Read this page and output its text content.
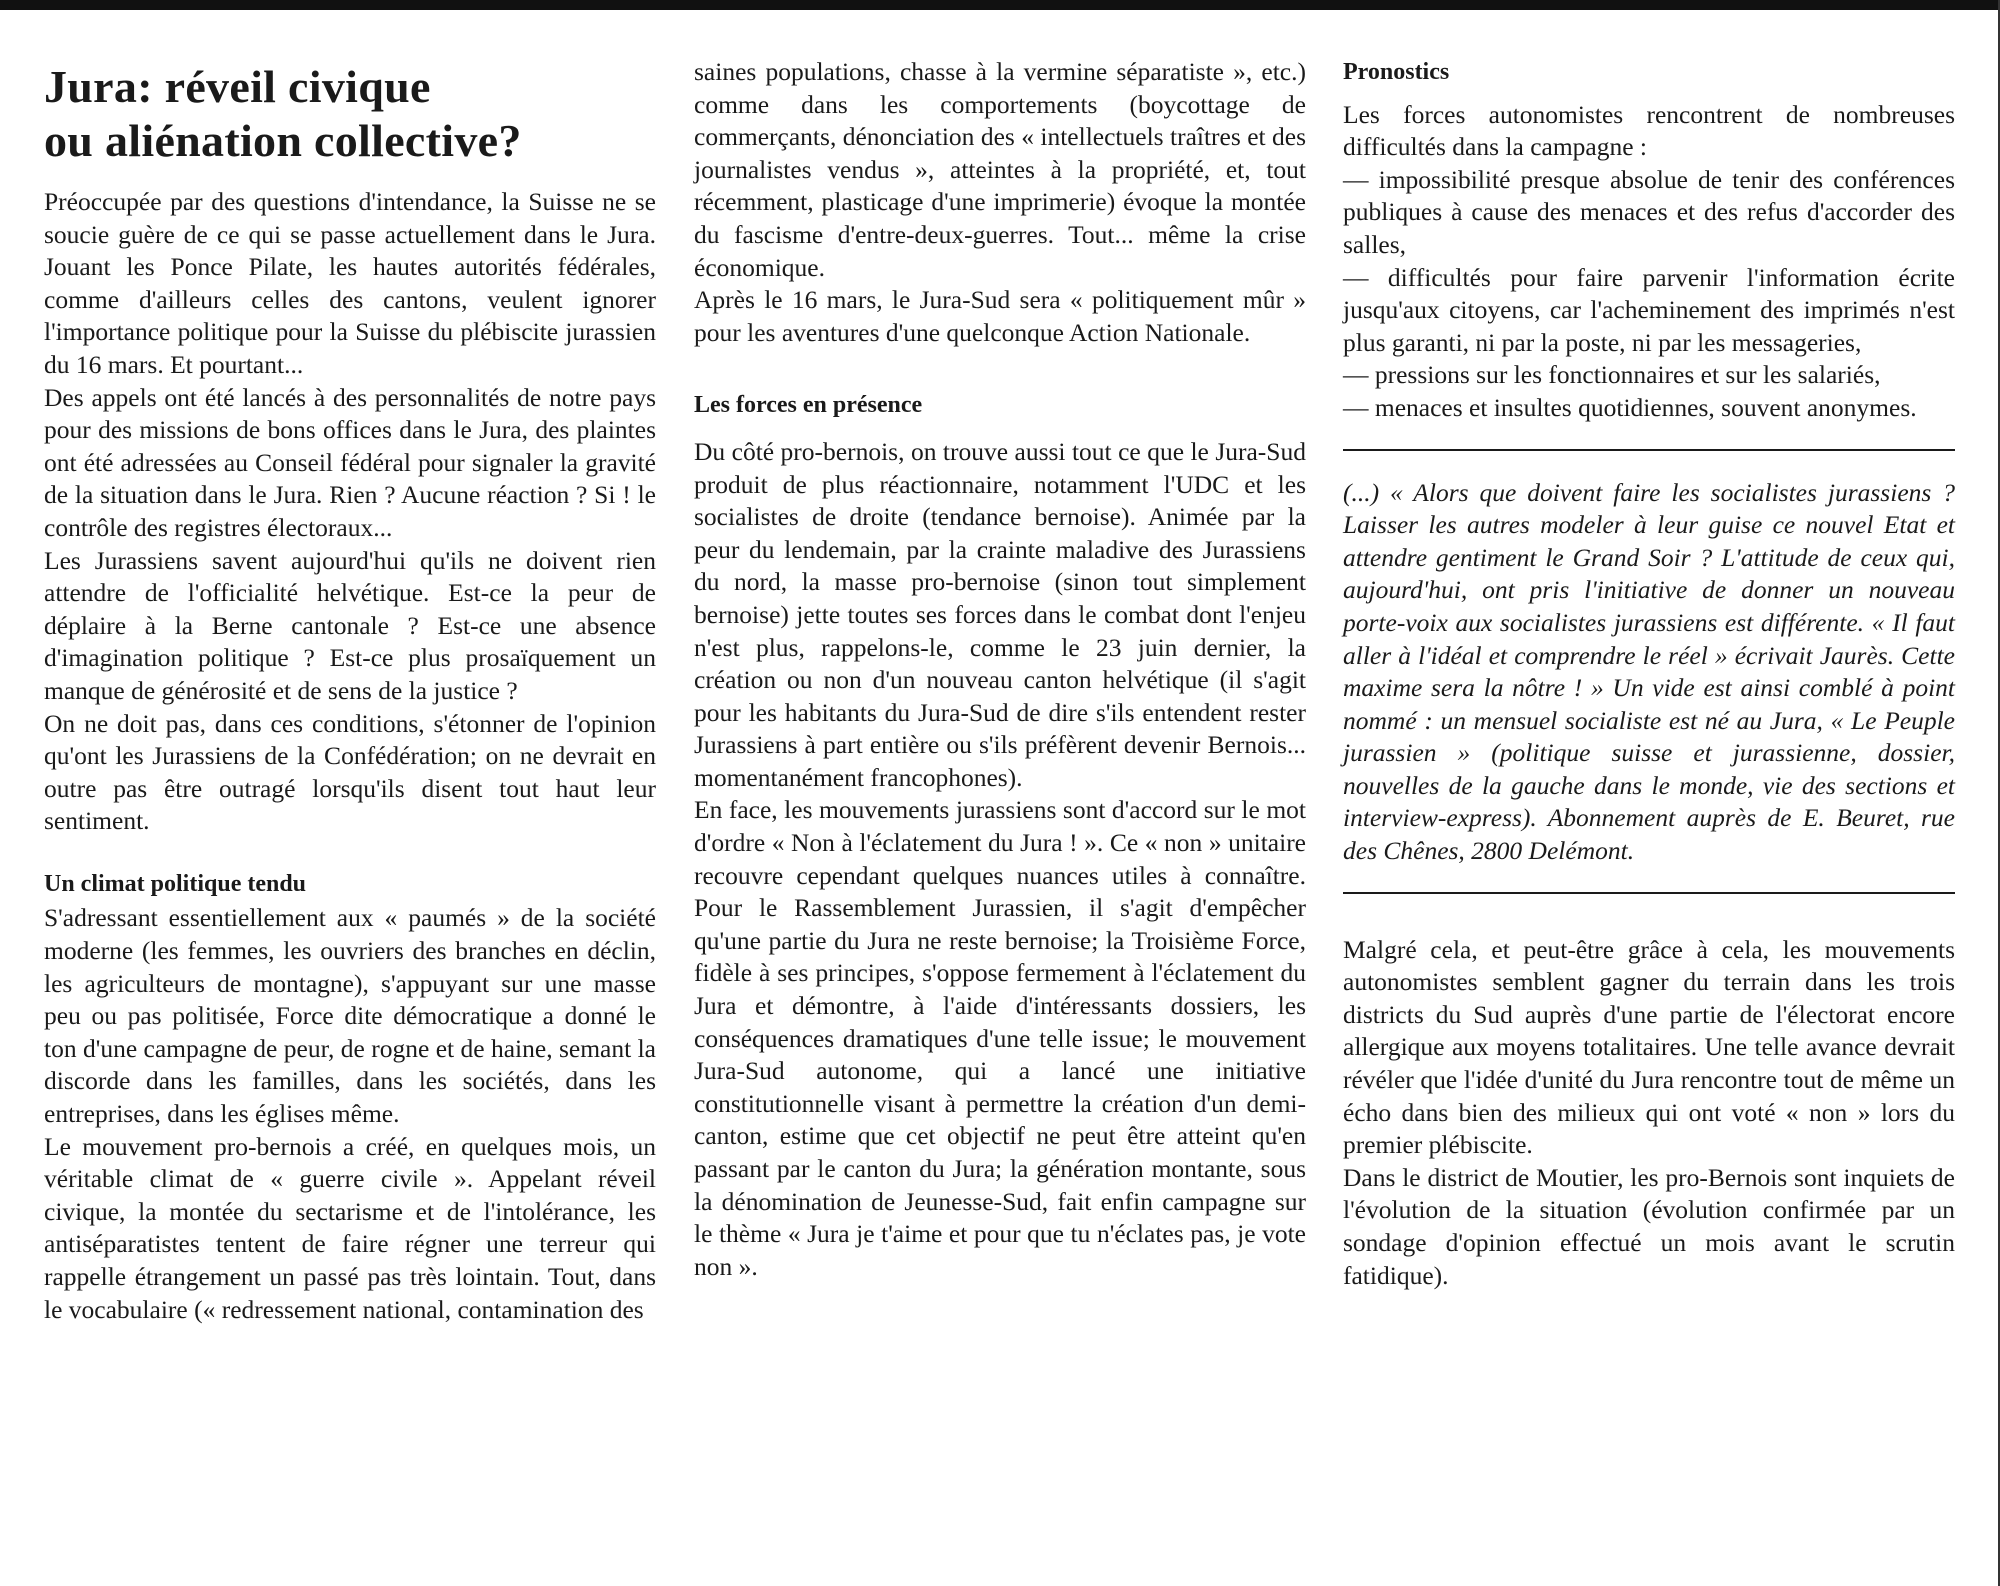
Jura: réveil civique
ou aliénation collective?

Préoccupée par des questions d'intendance, la Suisse ne se soucie guère de ce qui se passe actuellement dans le Jura. Jouant les Ponce Pilate, les hautes autorités fédérales, comme d'ailleurs celles des cantons, veulent ignorer l'importance politique pour la Suisse du plébiscite jurassien du 16 mars. Et pourtant...

Des appels ont été lancés à des personnalités de notre pays pour des missions de bons offices dans le Jura, des plaintes ont été adressées au Conseil fédéral pour signaler la gravité de la situation dans le Jura. Rien ? Aucune réaction ? Si ! le contrôle des registres électoraux...

Les Jurassiens savent aujourd'hui qu'ils ne doivent rien attendre de l'officialité helvétique. Est-ce la peur de déplaire à la Berne cantonale ? Est-ce une absence d'imagination politique ? Est-ce plus prosaïquement un manque de générosité et de sens de la justice ?

On ne doit pas, dans ces conditions, s'étonner de l'opinion qu'ont les Jurassiens de la Confédération; on ne devrait en outre pas être outragé lorsqu'ils disent tout haut leur sentiment.

Un climat politique tendu

S'adressant essentiellement aux « paumés » de la société moderne (les femmes, les ouvriers des branches en déclin, les agriculteurs de montagne), s'appuyant sur une masse peu ou pas politisée, Force dite démocratique a donné le ton d'une campagne de peur, de rogne et de haine, semant la discorde dans les familles, dans les sociétés, dans les entreprises, dans les églises même.

Le mouvement pro-bernois a créé, en quelques mois, un véritable climat de « guerre civile ». Appelant réveil civique, la montée du sectarisme et de l'intolérance, les antiséparatistes tentent de faire régner une terreur qui rappelle étrangement un passé pas très lointain. Tout, dans le vocabulaire (« redressement national, contamination des

saines populations, chasse à la vermine séparatiste », etc.) comme dans les comportements (boycottage de commerçants, dénonciation des « intellectuels traîtres et des journalistes vendus », atteintes à la propriété, et, tout récemment, plasticage d'une imprimerie) évoque la montée du fascisme d'entre-deux-guerres. Tout... même la crise économique.

Après le 16 mars, le Jura-Sud sera « politiquement mûr » pour les aventures d'une quelconque Action Nationale.

Les forces en présence

Du côté pro-bernois, on trouve aussi tout ce que le Jura-Sud produit de plus réactionnaire, notamment l'UDC et les socialistes de droite (tendance bernoise). Animée par la peur du lendemain, par la crainte maladive des Jurassiens du nord, la masse pro-bernoise (sinon tout simplement bernoise) jette toutes ses forces dans le combat dont l'enjeu n'est plus, rappelons-le, comme le 23 juin dernier, la création ou non d'un nouveau canton helvétique (il s'agit pour les habitants du Jura-Sud de dire s'ils entendent rester Jurassiens à part entière ou s'ils préfèrent devenir Bernois... momentanément francophones).

En face, les mouvements jurassiens sont d'accord sur le mot d'ordre « Non à l'éclatement du Jura ! ». Ce « non » unitaire recouvre cependant quelques nuances utiles à connaître. Pour le Rassemblement Jurassien, il s'agit d'empêcher qu'une partie du Jura ne reste bernoise; la Troisième Force, fidèle à ses principes, s'oppose fermement à l'éclatement du Jura et démontre, à l'aide d'intéressants dossiers, les conséquences dramatiques d'une telle issue; le mouvement Jura-Sud autonome, qui a lancé une initiative constitutionnelle visant à permettre la création d'un demi-canton, estime que cet objectif ne peut être atteint qu'en passant par le canton du Jura; la génération montante, sous la dénomination de Jeunesse-Sud, fait enfin campagne sur le thème « Jura je t'aime et pour que tu n'éclates pas, je vote non ».

Pronostics

Les forces autonomistes rencontrent de nombreuses difficultés dans la campagne :

— impossibilité presque absolue de tenir des conférences publiques à cause des menaces et des refus d'accorder des salles,

— difficultés pour faire parvenir l'information écrite jusqu'aux citoyens, car l'acheminement des imprimés n'est plus garanti, ni par la poste, ni par les messageries,

— pressions sur les fonctionnaires et sur les salariés,

— menaces et insultes quotidiennes, souvent anonymes.

(...) « Alors que doivent faire les socialistes jurassiens ? Laisser les autres modeler à leur guise ce nouvel Etat et attendre gentiment le Grand Soir ? L'attitude de ceux qui, aujourd'hui, ont pris l'initiative de donner un nouveau porte-voix aux socialistes jurassiens est différente. « Il faut aller à l'idéal et comprendre le réel » écrivait Jaurès. Cette maxime sera la nôtre ! » Un vide est ainsi comblé à point nommé : un mensuel socialiste est né au Jura, « Le Peuple jurassien » (politique suisse et jurassienne, dossier, nouvelles de la gauche dans le monde, vie des sections et interview-express). Abonnement auprès de E. Beuret, rue des Chênes, 2800 Delémont.

Malgré cela, et peut-être grâce à cela, les mouvements autonomistes semblent gagner du terrain dans les trois districts du Sud auprès d'une partie de l'électorat encore allergique aux moyens totalitaires. Une telle avance devrait révéler que l'idée d'unité du Jura rencontre tout de même un écho dans bien des milieux qui ont voté « non » lors du premier plébiscite.

Dans le district de Moutier, les pro-Bernois sont inquiets de l'évolution de la situation (évolution confirmée par un sondage d'opinion effectué un mois avant le scrutin fatidique).
